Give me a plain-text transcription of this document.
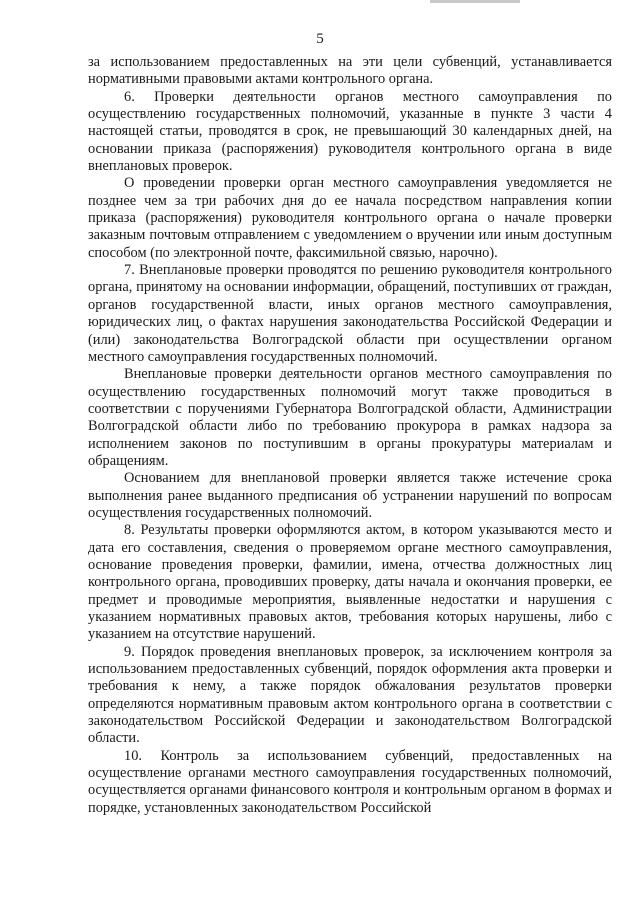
5

за использованием предоставленных на эти цели субвенций, устанавливается нормативными правовыми актами контрольного органа.

6. Проверки деятельности органов местного самоуправления по осуществлению государственных полномочий, указанные в пункте 3 части 4 настоящей статьи, проводятся в срок, не превышающий 30 календарных дней, на основании приказа (распоряжения) руководителя контрольного органа в виде внеплановых проверок.

О проведении проверки орган местного самоуправления уведомляется не позднее чем за три рабочих дня до ее начала посредством направления копии приказа (распоряжения) руководителя контрольного органа о начале проверки заказным почтовым отправлением с уведомлением о вручении или иным доступным способом (по электронной почте, факсимильной связью, нарочно).

7. Внеплановые проверки проводятся по решению руководителя контрольного органа, принятому на основании информации, обращений, поступивших от граждан, органов государственной власти, иных органов местного самоуправления, юридических лиц, о фактах нарушения законодательства Российской Федерации и (или) законодательства Волгоградской области при осуществлении органом местного самоуправления государственных полномочий.

Внеплановые проверки деятельности органов местного самоуправления по осуществлению государственных полномочий могут также проводиться в соответствии с поручениями Губернатора Волгоградской области, Администрации Волгоградской области либо по требованию прокурора в рамках надзора за исполнением законов по поступившим в органы прокуратуры материалам и обращениям.

Основанием для внеплановой проверки является также истечение срока выполнения ранее выданного предписания об устранении нарушений по вопросам осуществления государственных полномочий.

8. Результаты проверки оформляются актом, в котором указываются место и дата его составления, сведения о проверяемом органе местного самоуправления, основание проведения проверки, фамилии, имена, отчества должностных лиц контрольного органа, проводивших проверку, даты начала и окончания проверки, ее предмет и проводимые мероприятия, выявленные недостатки и нарушения с указанием нормативных правовых актов, требования которых нарушены, либо с указанием на отсутствие нарушений.

9. Порядок проведения внеплановых проверок, за исключением контроля за использованием предоставленных субвенций, порядок оформления акта проверки и требования к нему, а также порядок обжалования результатов проверки определяются нормативным правовым актом контрольного органа в соответствии с законодательством Российской Федерации и законодательством Волгоградской области.

10. Контроль за использованием субвенций, предоставленных на осуществление органами местного самоуправления государственных полномочий, осуществляется органами финансового контроля и контрольным органом в формах и порядке, установленных законодательством Российской
